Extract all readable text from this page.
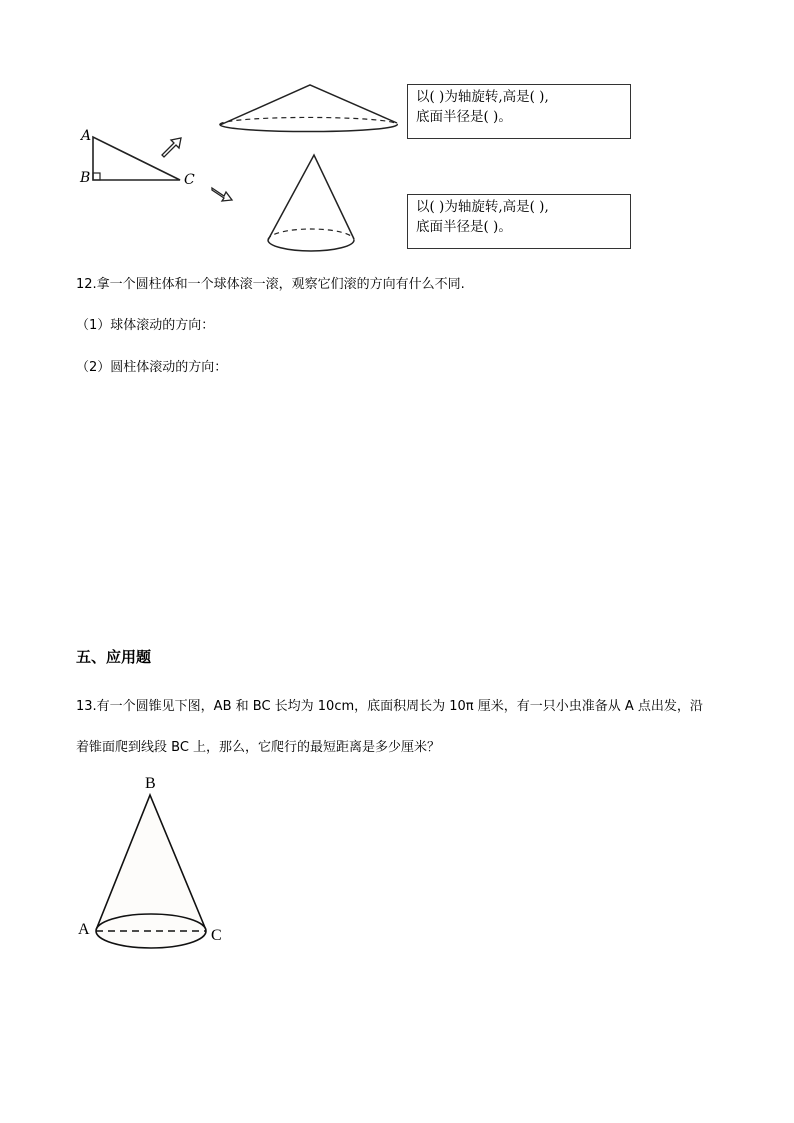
A
B	C
以( )为轴旋转,高是( ),
底面半径是( )。
以( )为轴旋转,高是( ),
底面半径是( )。
12.拿一个圆柱体和一个球体滚一滚，观察它们滚的方向有什么不同.
（1）球体滚动的方向：
（2）圆柱体滚动的方向：
五、应用题
13.有一个圆锥见下图，AB 和 BC 长均为 10cm，底面积周长为 10π 厘米，有一只小虫准备从 A 点出发，沿
着锥面爬到线段 BC 上，那么，它爬行的最短距离是多少厘米？
B
A	C
